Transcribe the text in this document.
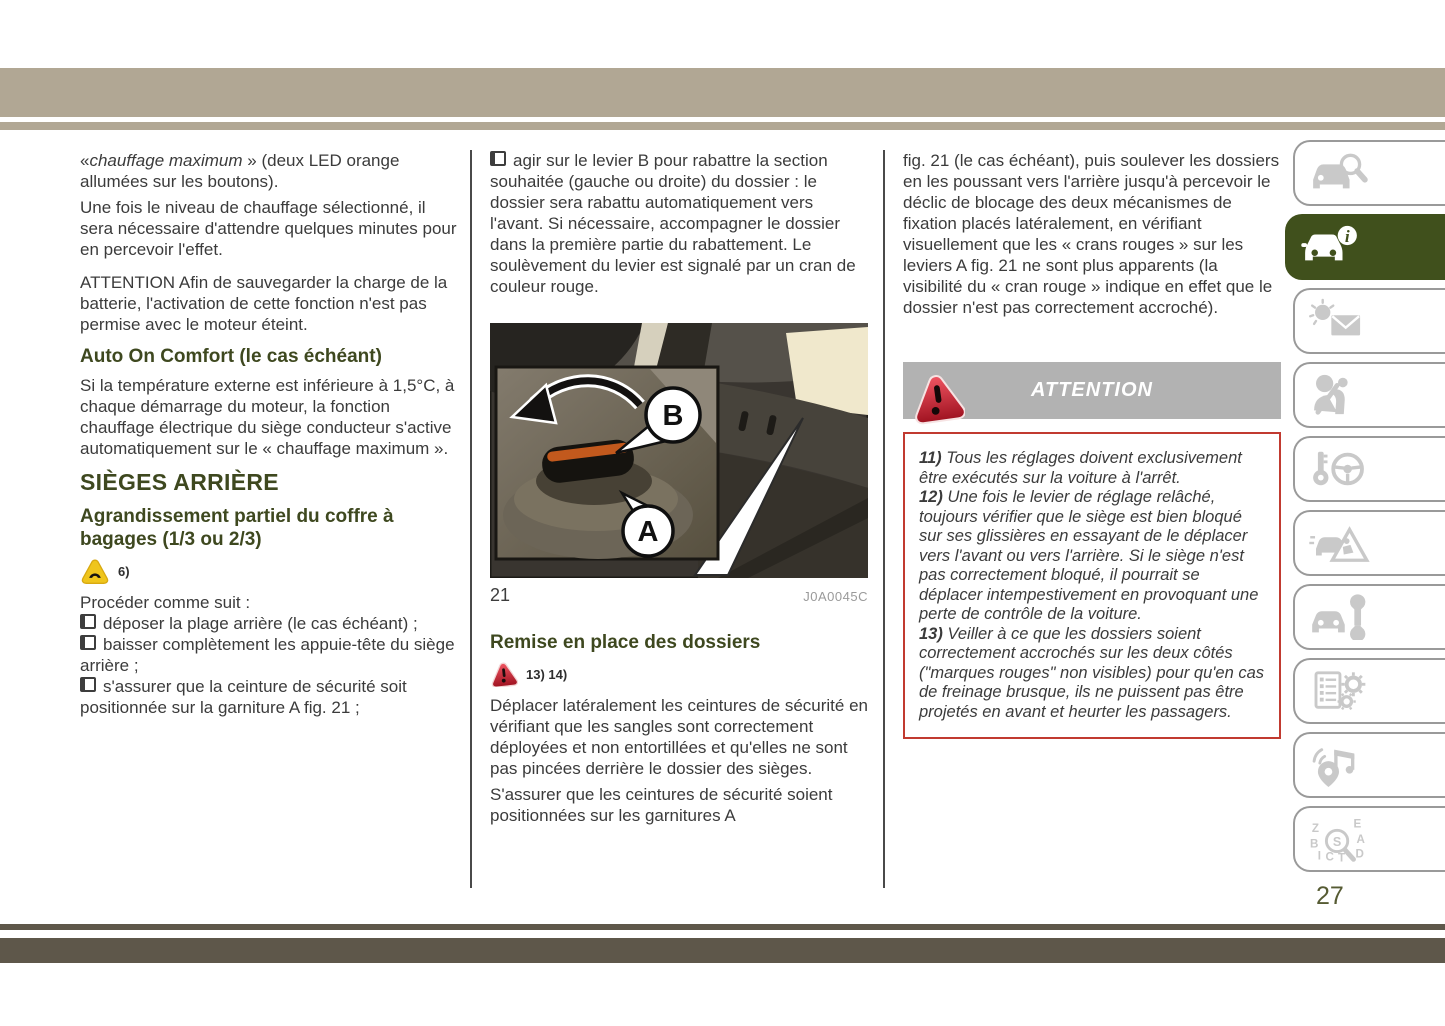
«chauffage maximum » (deux LED orange allumées sur les boutons).

Une fois le niveau de chauffage sélectionné, il sera nécessaire d'attendre quelques minutes pour en percevoir l'effet.

ATTENTION Afin de sauvegarder la charge de la batterie, l'activation de cette fonction n'est pas permise avec le moteur éteint.

Auto On Comfort (le cas échéant)

Si la température externe est inférieure à 1,5°C, à chaque démarrage du moteur, la fonction chauffage électrique du siège conducteur s'active automatiquement sur le « chauffage maximum ».

SIÈGES ARRIÈRE
Agrandissement partiel du coffre à bagages (1/3 ou 2/3)
6)

Procéder comme suit :

déposer la plage arrière (le cas échéant) ;

baisser complètement les appuie-tête du siège arrière ;

s'assurer que la ceinture de sécurité soit positionnée sur la garniture A fig. 21 ;

agir sur le levier B pour rabattre la section souhaitée (gauche ou droite) du dossier : le dossier sera rabattu automatiquement vers l'avant. Si nécessaire, accompagner le dossier dans la première partie du rabattement. Le soulèvement du levier est signalé par un cran de couleur rouge.

B
A
21	J0A0045C
Remise en place des dossiers
13) 14)

Déplacer latéralement les ceintures de sécurité en vérifiant que les sangles sont correctement déployées et non entortillées et qu'elles ne sont pas pincées derrière le dossier des sièges.

S'assurer que les ceintures de sécurité soient positionnées sur les garnitures A

fig. 21 (le cas échéant), puis soulever les dossiers en les poussant vers l'arrière jusqu'à percevoir le déclic de blocage des deux mécanismes de fixation placés latéralement, en vérifiant visuellement que les « crans rouges » sur les leviers A fig. 21 ne sont plus apparents (la visibilité du « cran rouge » indique en effet que le dossier n'est pas correctement accroché).

ATTENTION

11) Tous les réglages doivent exclusivement être exécutés sur la voiture à l'arrêt.

12) Une fois le levier de réglage relâché, toujours vérifier que le siège est bien bloqué sur ses glissières en essayant de le déplacer vers l'avant ou vers l'arrière. Si le siège n'est pas correctement bloqué, il pourrait se déplacer intempestivement en provoquant une perte de contrôle de la voiture.

13) Veiller à ce que les dossiers soient correctement accrochés sur les deux côtés ("marques rouges" non visibles) pour qu'en cas de freinage brusque, ils ne puissent pas être projetés en avant et heurter les passagers.

i
Z	E
B	A
I C T D
S
27
